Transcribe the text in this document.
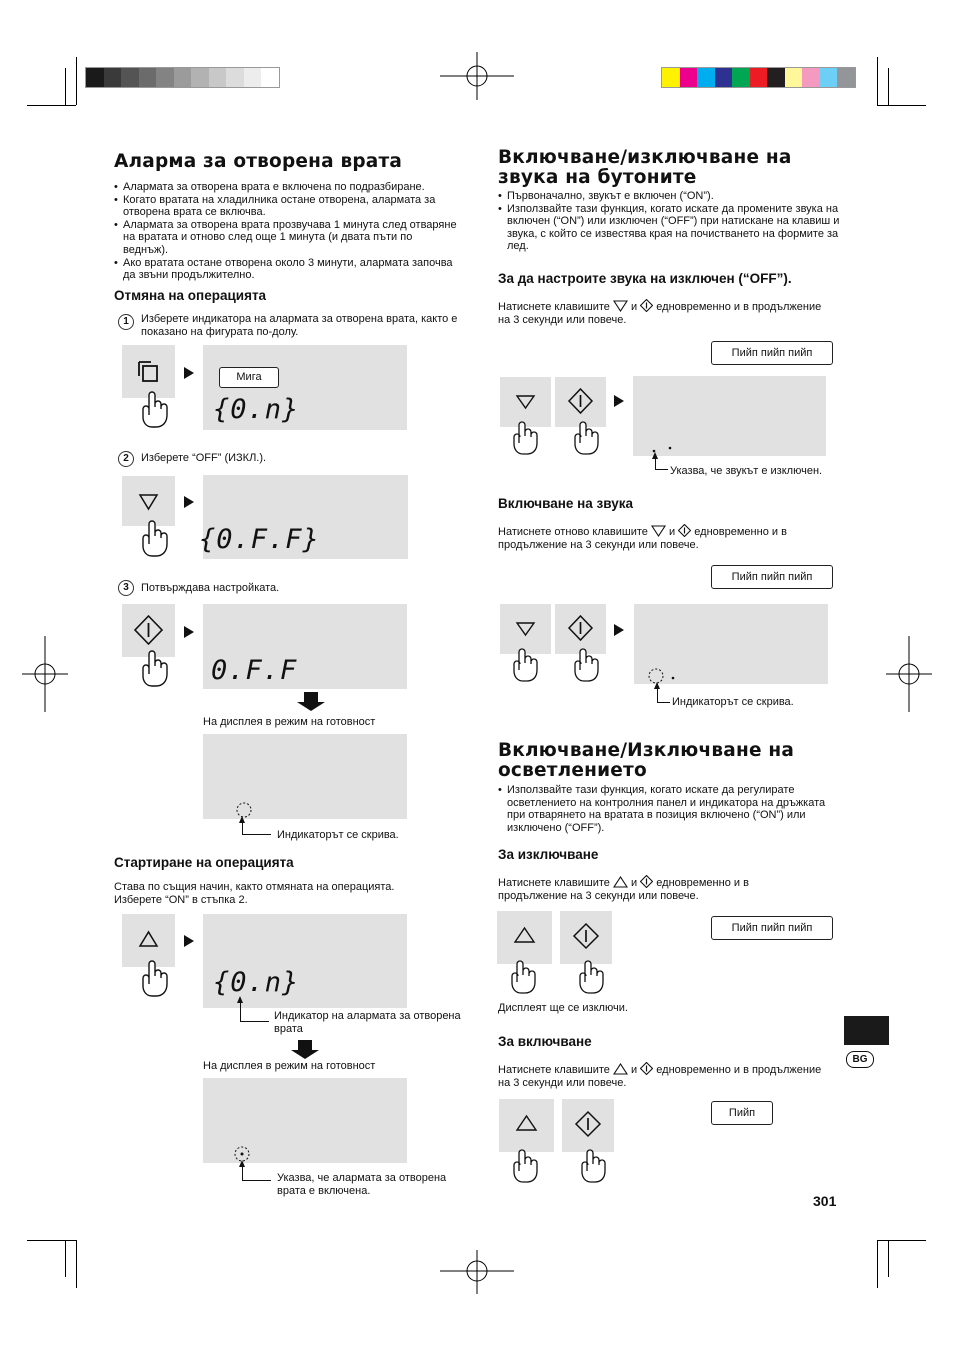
Аларма за отворена врата
• Алармата за отворена врата е включена по подразбиране.
• Когато вратата на хладилника остане отворена, алармата за отворена врата се включва.
• Алармата за отворена врата прозвучава 1 минута след отваряне на вратата и отново след още 1 минута (и двата пъти по веднъж).
• Ако вратата остане отворена около 3 минути, алармата започва да звъни продължително.
Отмяна на операцията
1	Изберете индикатора на алармата за отворена врата, както е показано на фигурата по-долу.
Мига
{0.n}
2	Изберете “OFF” (ИЗКЛ.).
{0.F.F}
3	Потвърждава настройката.
0.F.F
На дисплея в режим на готовност
Индикаторът се скрива.
Стартиране на операцията
Става по същия начин, както отмяната на операцията. Изберете “ON” в стъпка 2.
{0.n}
Индикатор на алармата за отворена врата
На дисплея в режим на готовност
Указва, че алармата за отворена врата е включена.
Включване/изключване на звука на бутоните
• Първоначално, звукът е включен (“ON”).
• Използвайте тази функция, когато искате да промените звука на включен (“ON”) или изключен (“OFF”) при натискане на клавиш и звука, с който се известява края на почистването на формите за лед.
За да настроите звука на изключен (“OFF”).
Натиснете клавишите и едновременно и в продължение на 3 секунди или повече.
Пийп пийп пийп
Указва, че звукът е изключен.
Включване на звука
Натиснете отново клавишите и едновременно и в продължение на 3 секунди или повече.
Пийп пийп пийп
Индикаторът се скрива.
Включване/Изключване на осветлението
• Използвайте тази функция, когато искате да регулирате осветлението на контролния панел и индикатора на дръжката при отварянето на вратата в позиция включено (“ON”) или изключено (“OFF”).
За изключване
Натиснете клавишите и едновременно и в продължение на 3 секунди или повече.
Пийп пийп пийп
Дисплеят ще се изключи.
За включване
Натиснете клавишите и едновременно и в продължение на 3 секунди или повече.
Пийп
BG
301
